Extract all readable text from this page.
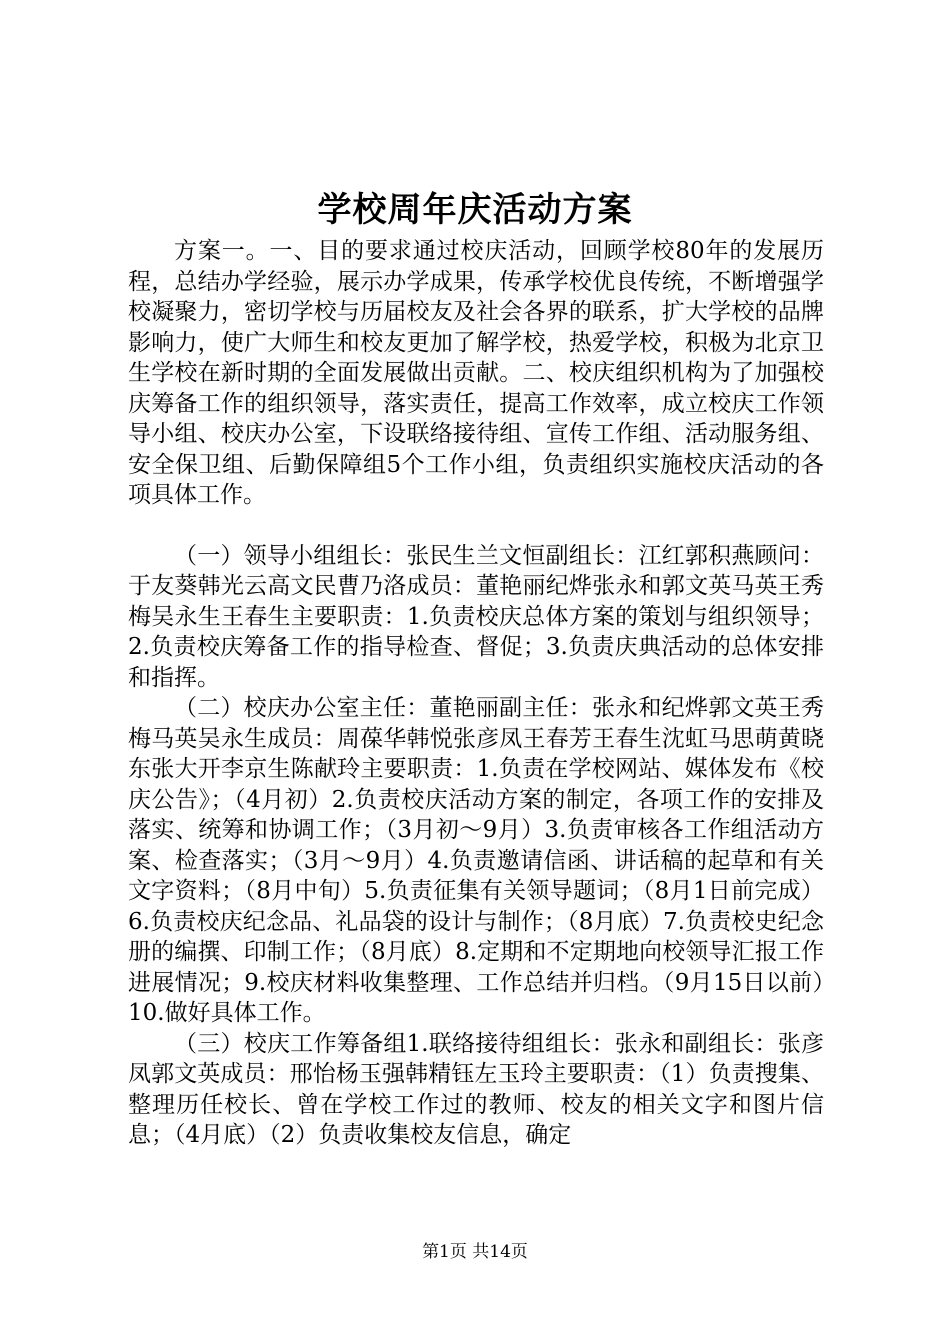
学校周年庆活动方案

方案一。一、目的要求通过校庆活动，回顾学校80年的发展历程，总结办学经验，展示办学成果，传承学校优良传统，不断增强学校凝聚力，密切学校与历届校友及社会各界的联系，扩大学校的品牌影响力，使广大师生和校友更加了解学校，热爱学校，积极为北京卫生学校在新时期的全面发展做出贡献。二、校庆组织机构为了加强校庆筹备工作的组织领导，落实责任，提高工作效率，成立校庆工作领导小组、校庆办公室，下设联络接待组、宣传工作组、活动服务组、安全保卫组、后勤保障组5个工作小组，负责组织实施校庆活动的各项具体工作。

（一）领导小组组长：张民生兰文恒副组长：江红郭积燕顾问：于友葵韩光云高文民曹乃洛成员：董艳丽纪烨张永和郭文英马英王秀梅吴永生王春生主要职责：1.负责校庆总体方案的策划与组织领导；2.负责校庆筹备工作的指导检查、督促；3.负责庆典活动的总体安排和指挥。

（二）校庆办公室主任：董艳丽副主任：张永和纪烨郭文英王秀梅马英吴永生成员：周葆华韩悦张彦凤王春芳王春生沈虹马思萌黄晓东张大开李京生陈献玲主要职责：1.负责在学校网站、媒体发布《校庆公告》；（4月初）2.负责校庆活动方案的制定，各项工作的安排及落实、统筹和协调工作；（3月初～9月）3.负责审核各工作组活动方案、检查落实；（3月～9月）4.负责邀请信函、讲话稿的起草和有关文字资料；（8月中旬）5.负责征集有关领导题词；（8月1日前完成）6.负责校庆纪念品、礼品袋的设计与制作；（8月底）7.负责校史纪念册的编撰、印制工作；（8月底）8.定期和不定期地向校领导汇报工作进展情况；9.校庆材料收集整理、工作总结并归档。（9月15日以前）10.做好具体工作。

（三）校庆工作筹备组1.联络接待组组长：张永和副组长：张彦凤郭文英成员：邢怡杨玉强韩精钰左玉玲主要职责：（1）负责搜集、整理历任校长、曾在学校工作过的教师、校友的相关文字和图片信息；（4月底）（2）负责收集校友信息，确定

第1页 共14页
